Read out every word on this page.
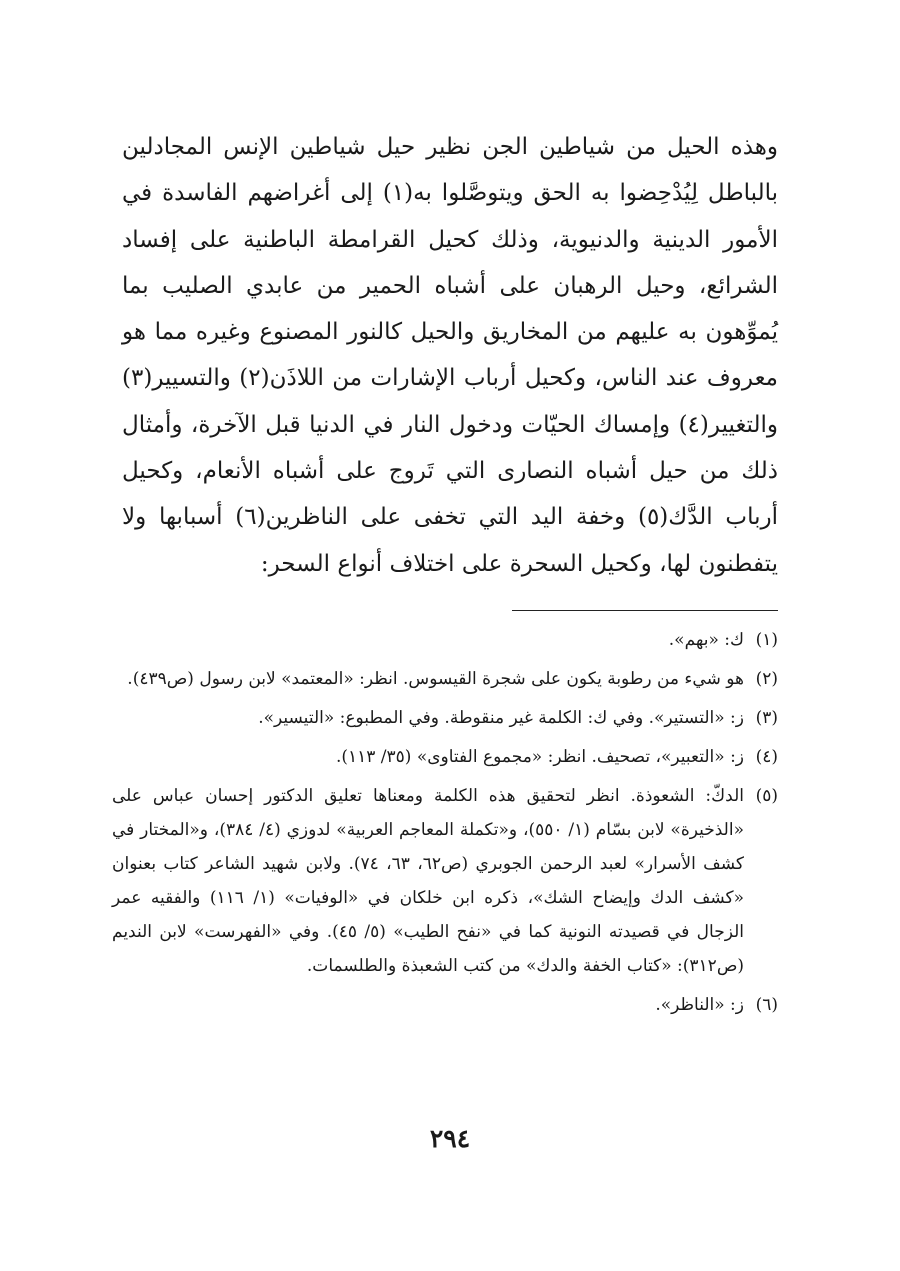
وهذه الحيل من شياطين الجن نظير حيل شياطين الإنس المجادلين بالباطل لِيُدْحِضوا به الحق ويتوصَّلوا به(١) إلى أغراضهم الفاسدة في الأمور الدينية والدنيوية، وذلك كحيل القرامطة الباطنية على إفساد الشرائع، وحيل الرهبان على أشباه الحمير من عابدي الصليب بما يُموِّهون به عليهم من المخاريق والحيل كالنور المصنوع وغيره مما هو معروف عند الناس، وكحيل أرباب الإشارات من اللاذَن(٢) والتسيير(٣) والتغيير(٤) وإمساك الحيّات ودخول النار في الدنيا قبل الآخرة، وأمثال ذلك من حيل أشباه النصارى التي تَروج على أشباه الأنعام، وكحيل أرباب الدَّك(٥) وخفة اليد التي تخفى على الناظرين(٦) أسبابها ولا يتفطنون لها، وكحيل السحرة على اختلاف أنواع السحر:

(١)
ك: «بهم».
(٢)
هو شيء من رطوبة يكون على شجرة القيسوس. انظر: «المعتمد» لابن رسول (ص٤٣٩).
(٣)
ز: «التستير». وفي ك: الكلمة غير منقوطة. وفي المطبوع: «التيسير».
(٤)
ز: «التعبير»، تصحيف. انظر: «مجموع الفتاوى» (٣٥/ ١١٣).
(٥)
الدكّ: الشعوذة. انظر لتحقيق هذه الكلمة ومعناها تعليق الدكتور إحسان عباس على «الذخيرة» لابن بسّام (١/ ٥٥٠)، و«تكملة المعاجم العربية» لدوزي (٤/ ٣٨٤)، و«المختار في كشف الأسرار» لعبد الرحمن الجوبري (ص٦٢، ٦٣، ٧٤). ولابن شهيد الشاعر كتاب بعنوان «كشف الدك وإيضاح الشك»، ذكره ابن خلكان في «الوفيات» (١/ ١١٦) والفقيه عمر الزجال في قصيدته النونية كما في «نفح الطيب» (٥/ ٤٥). وفي «الفهرست» لابن النديم (ص٣١٢): «كتاب الخفة والدك» من كتب الشعبذة والطلسمات.
(٦)
ز: «الناظر».
٢٩٤
